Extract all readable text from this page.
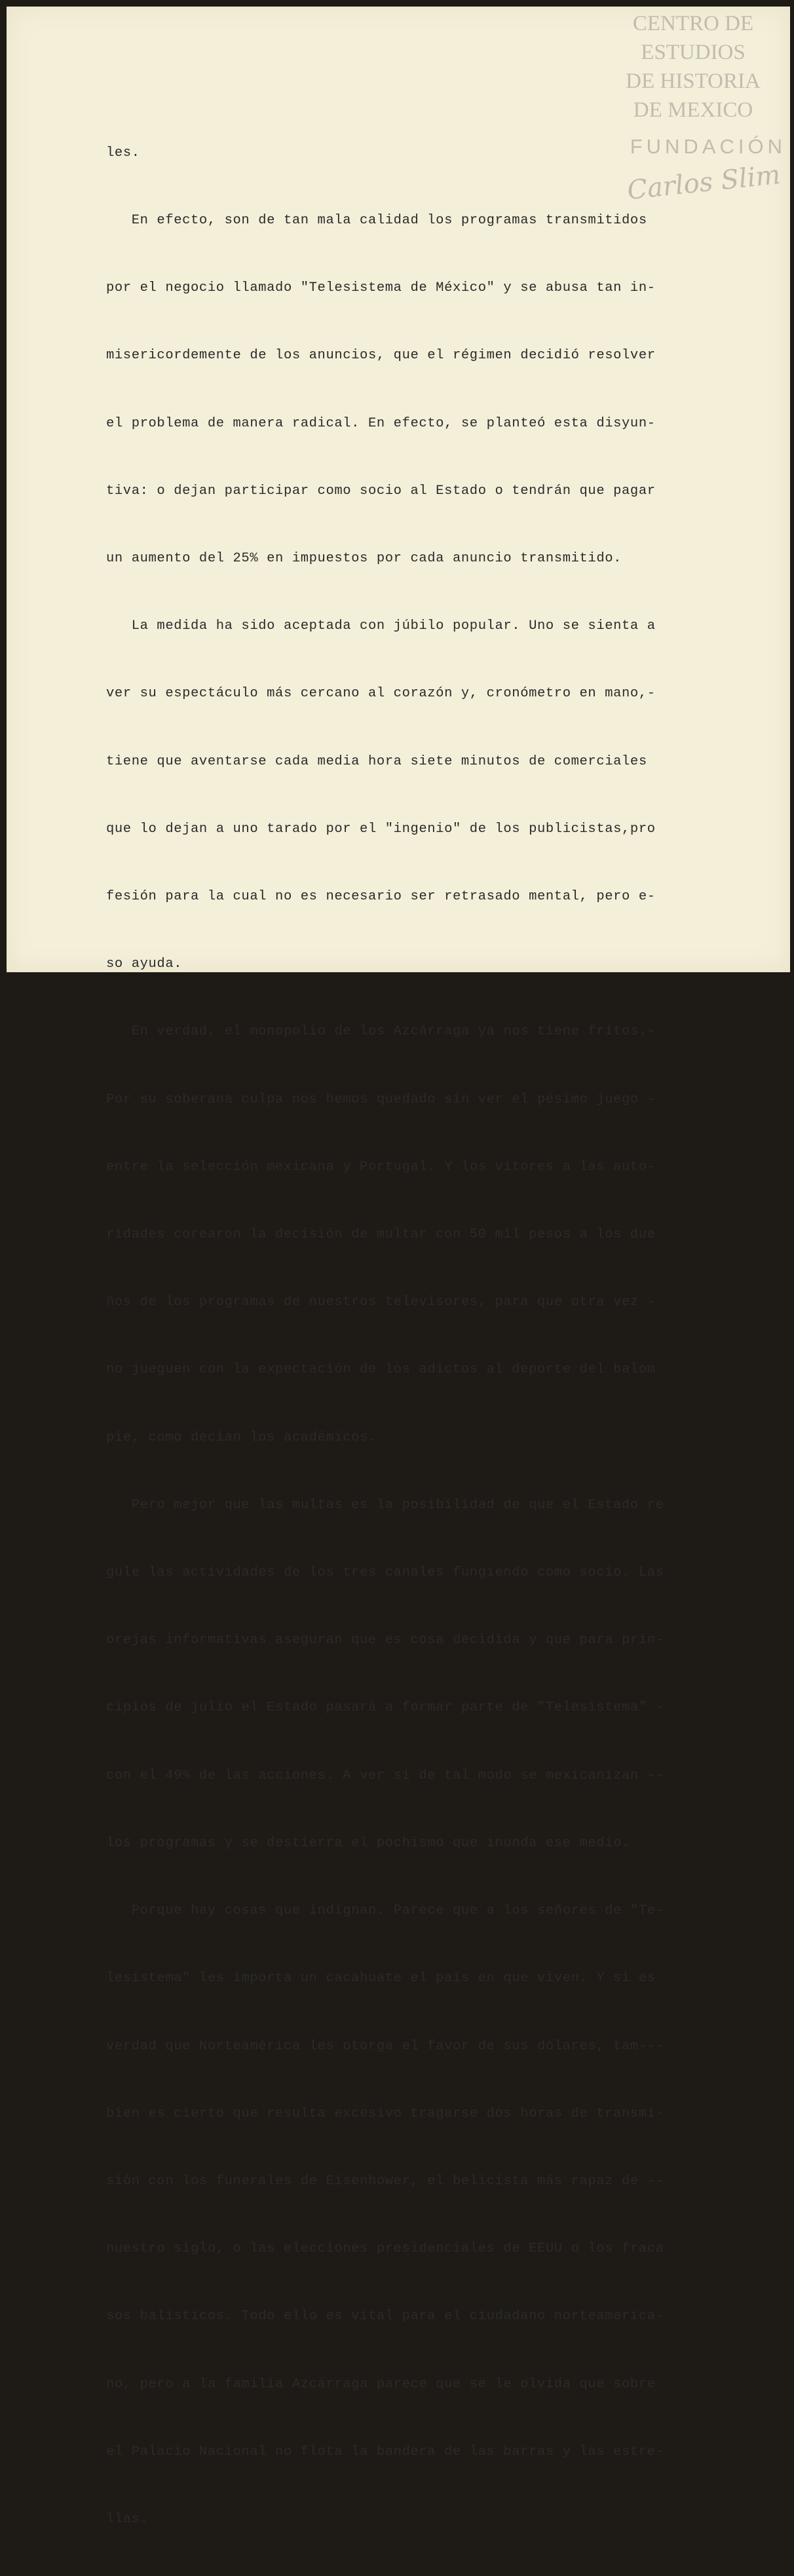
CENTRO DE
ESTUDIOS
DE HISTORIA
DE MEXICO
FUNDACIÓN
Carlos Slim

les.

En efecto, son de tan mala calidad los programas transmitidos

por el negocio llamado "Telesistema de México" y se abusa tan in-

misericordemente de los anuncios, que el régimen decidió resolver

el problema de manera radical. En efecto, se planteó esta disyun-

tiva: o dejan participar como socio al Estado o tendrán que pagar

un aumento del 25% en impuestos por cada anuncio transmitido.

La medida ha sido aceptada con júbilo popular. Uno se sienta a

ver su espectáculo más cercano al corazón y, cronómetro en mano,-

tiene que aventarse cada media hora siete minutos de comerciales

que lo dejan a uno tarado por el "ingenio" de los publicistas,pro

fesión para la cual no es necesario ser retrasado mental, pero e-

so ayuda.

En verdad, el monopolio de los Azcárraga ya nos tiene fritos.-

Por su soberana culpa nos hemos quedado sin ver el pésimo juego -

entre la selección mexicana y Portugal. Y los vítores a las auto-

ridades corearon la decisión de multar con 50 mil pesos a los due

ños de los programas de nuestros televisores, para que otra vez -

no jueguen con la expectación de los adictos al deporte del balom

pie, como decían los académicos.

Pero mejor que las multas es la posibilidad de que el Estado re

gule las actividades de los tres canales fungiendo como socio. Las

orejas informativas aseguran que es cosa decidida y que para prin-

cipios de julio el Estado pasará a formar parte de "Telesistema" -

con el 49% de las acciones. A ver si de tal modo se mexicanizan --

los programas y se destierra el pochismo que inunda ese medio.

Porque hay cosas que indignan. Parece que a los señores de "Te-

lesistema" les importa un cacahuate el país en que viven. Y si es

verdad que Norteamérica les otorga el favor de sus dólares, tam---

bien es cierto que resulta excesivo tragarse dos horas de transmi-

sión con los funerales de Eisenhower, el belicista más rapaz de --

nuestro siglo, o las elecciones presidenciales de EEUU o los fraca

sos balísticos. Todo ello es vital para el ciudadano norteamerica-

no, pero a la familia Azcárraga parece que se le olvida que sobre

el Palacio Nacional no flota la bandera de las barras y las estre-

llas.
